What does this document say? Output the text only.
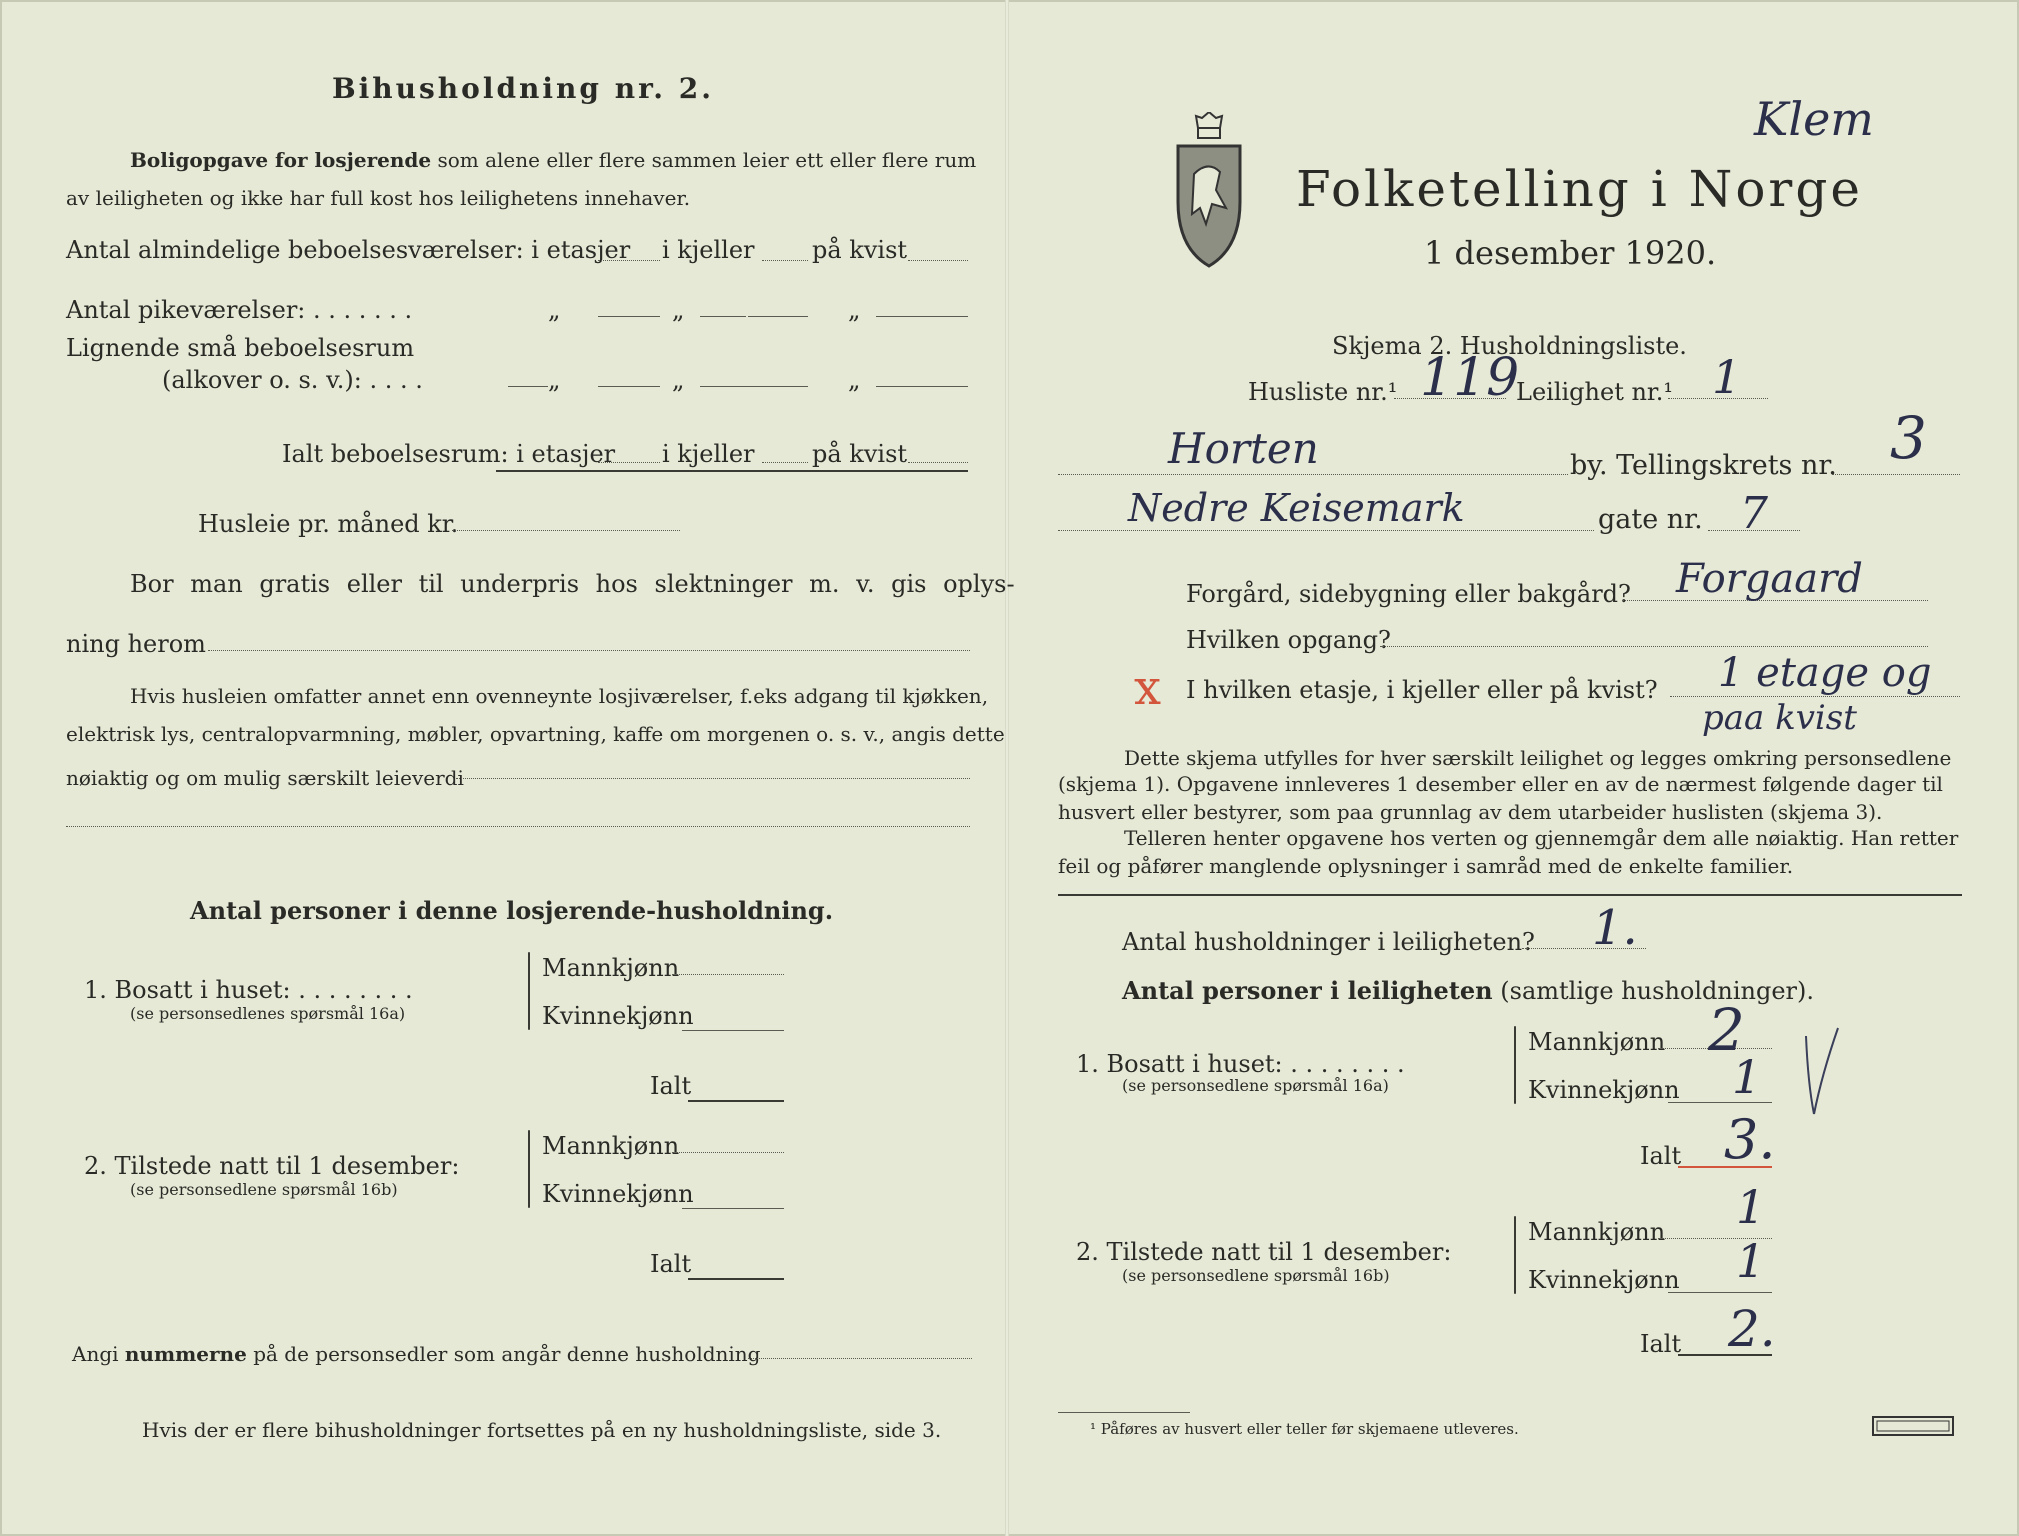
Bihusholdning nr. 2.
Boligopgave for losjerende som alene eller flere sammen leier ett eller flere rum
av leiligheten og ikke har full kost hos leilighetens innehaver.
Antal almindelige beboelsesværelser: i etasjer i kjeller på kvist
Antal pikeværelser: . . . . . . .	„	„	„
Lignende små beboelsesrum
(alkover o. s. v.): . . . .	„	„	„
Ialt beboelsesrum: i etasjer i kjeller på kvist
Husleie pr. måned kr.
Bor man gratis eller til underpris hos slektninger m. v. gis oplys-
ning herom
Hvis husleien omfatter annet enn ovenneynte losjiværelser, f.eks adgang til kjøkken,
elektrisk lys, centralopvarmning, møbler, opvartning, kaffe om morgenen o. s. v., angis dette
nøiaktig og om mulig særskilt leieverdi
Antal personer i denne losjerende-husholdning.
1. Bosatt i huset: . . . . . . . .
(se personsedlenes spørsmål 16a)
Mannkjønn
Kvinnekjønn
Ialt
2. Tilstede natt til 1 desember:
(se personsedlene spørsmål 16b)
Mannkjønn
Kvinnekjønn
Ialt
Angi nummerne på de personsedler som angår denne husholdning
Hvis der er flere bihusholdninger fortsettes på en ny husholdningsliste, side 3.
Folketelling i Norge
1 desember 1920.
Klem
Skjema 2. Husholdningsliste.
Husliste nr.¹ 119
Leilighet nr.¹ 1
Horten	by. Tellingskrets nr. 3
Nedre Keisemark	gate nr. 7
Forgård, sidebygning eller bakgård? Forgaard
Hvilken opgang?
x I hvilken etasje, i kjeller eller på kvist? 1 etage og
paa kvist
Dette skjema utfylles for hver særskilt leilighet og legges omkring personsedlene
(skjema 1). Opgavene innleveres 1 desember eller en av de nærmest følgende dager til
husvert eller bestyrer, som paa grunnlag av dem utarbeider huslisten (skjema 3).
Telleren henter opgavene hos verten og gjennemgår dem alle nøiaktig. Han retter
feil og påfører manglende oplysninger i samråd med de enkelte familier.
Antal husholdninger i leiligheten? 1.
Antal personer i leiligheten (samtlige husholdninger).
1. Bosatt i huset: . . . . . . . .
(se personsedlene spørsmål 16a)
Mannkjønn 2
Kvinnekjønn 1
Ialt 3.
2. Tilstede natt til 1 desember:
(se personsedlene spørsmål 16b)
Mannkjønn 1
Kvinnekjønn 1
Ialt 2.
¹ Påføres av husvert eller teller før skjemaene utleveres.
